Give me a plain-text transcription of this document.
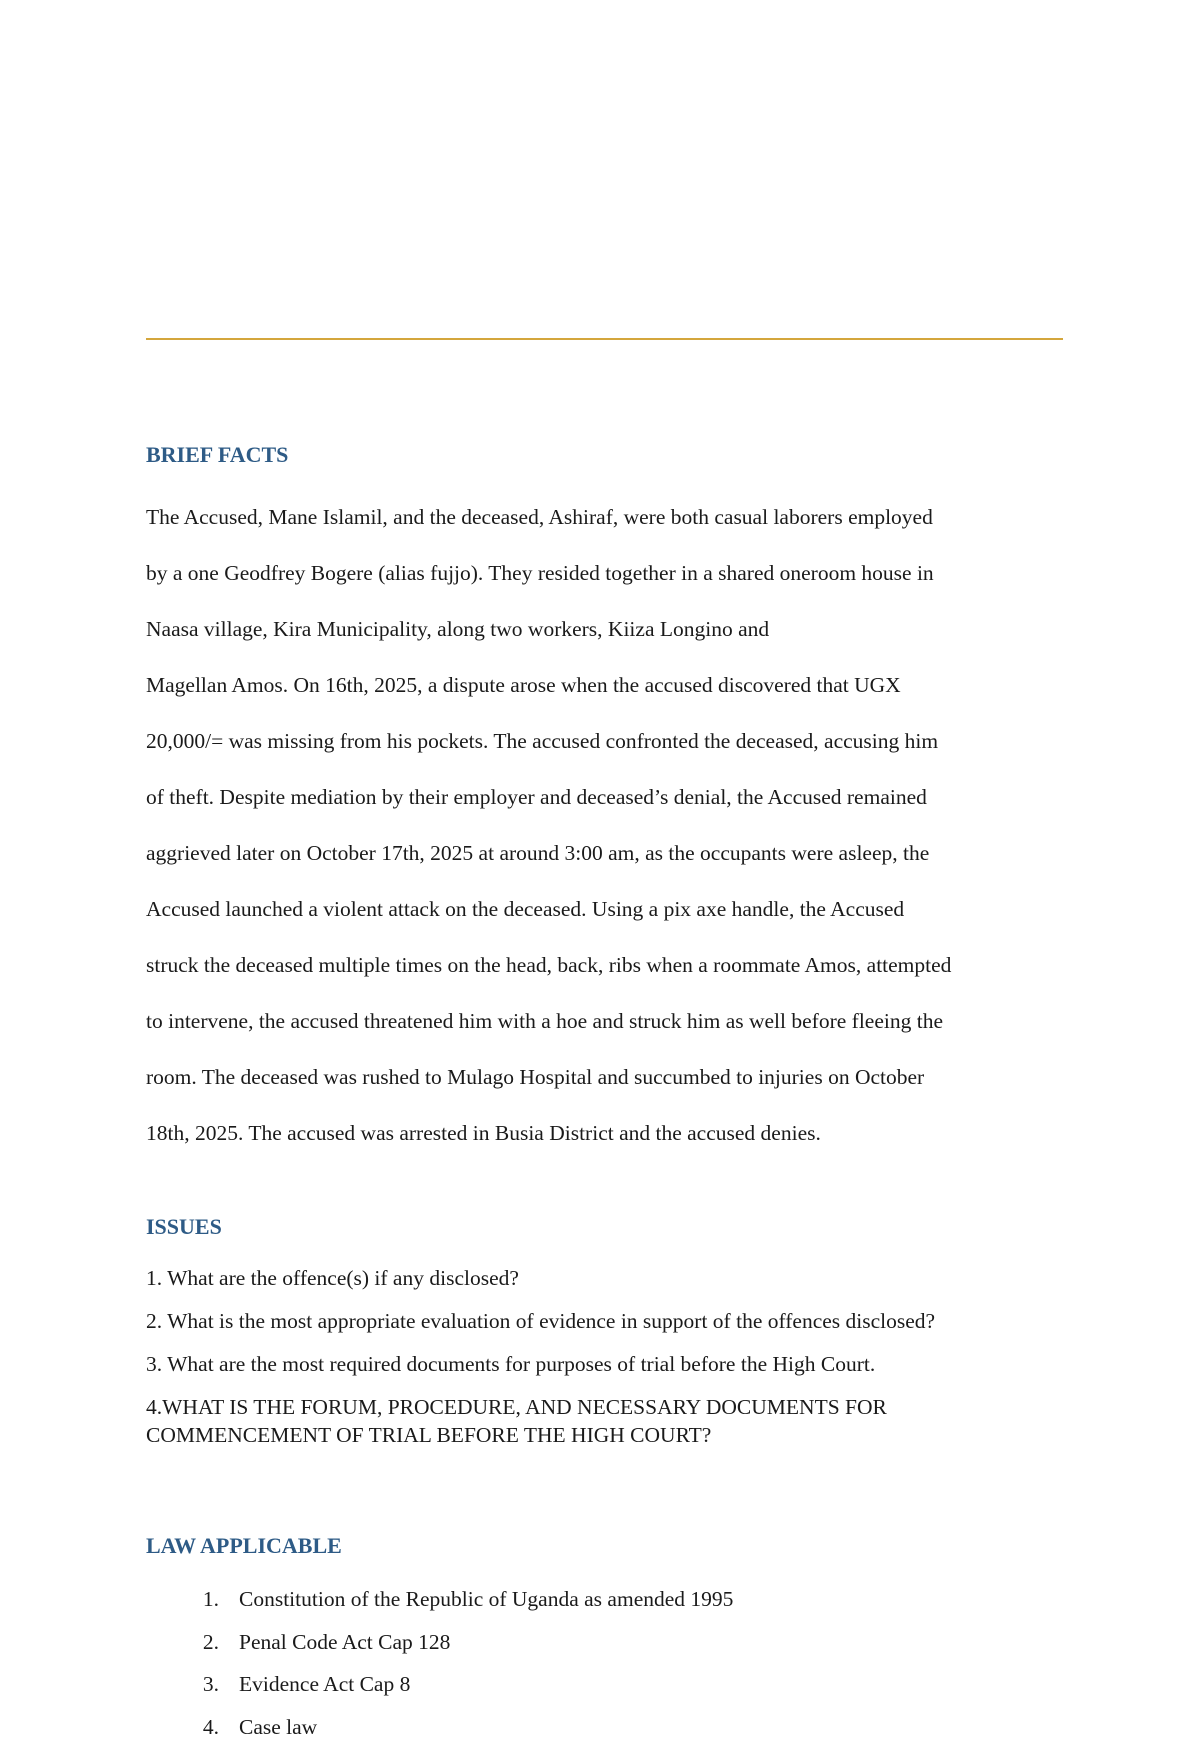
BRIEF FACTS

The Accused, Mane Islamil, and the deceased, Ashiraf, were both casual laborers employed

by a one Geodfrey Bogere (alias fujjo). They resided together in a shared oneroom house in

Naasa village, Kira Municipality, along two workers, Kiiza Longino and

Magellan Amos. On 16th, 2025, a dispute arose when the accused discovered that UGX

20,000/= was missing from his pockets. The accused confronted the deceased, accusing him

of theft. Despite mediation by their employer and deceased’s denial, the Accused remained

aggrieved later on October 17th, 2025 at around 3:00 am, as the occupants were asleep, the

Accused launched a violent attack on the deceased. Using a pix axe handle, the Accused

struck the deceased multiple times on the head, back, ribs when a roommate Amos, attempted

to intervene, the accused threatened him with a hoe and struck him as well before fleeing the

room. The deceased was rushed to Mulago Hospital and succumbed to injuries on October

18th, 2025. The accused was arrested in Busia District and the accused denies.

ISSUES

1. What are the offence(s) if any disclosed?

2. What is the most appropriate evaluation of evidence in support of the offences disclosed?

3. What are the most required documents for purposes of trial before the High Court.

4.WHAT IS THE FORUM, PROCEDURE, AND NECESSARY DOCUMENTS FOR COMMENCEMENT OF TRIAL BEFORE THE HIGH COURT?

LAW APPLICABLE
1. Constitution of the Republic of Uganda as amended 1995
2. Penal Code Act Cap 128
3. Evidence Act Cap 8
4. Case law
